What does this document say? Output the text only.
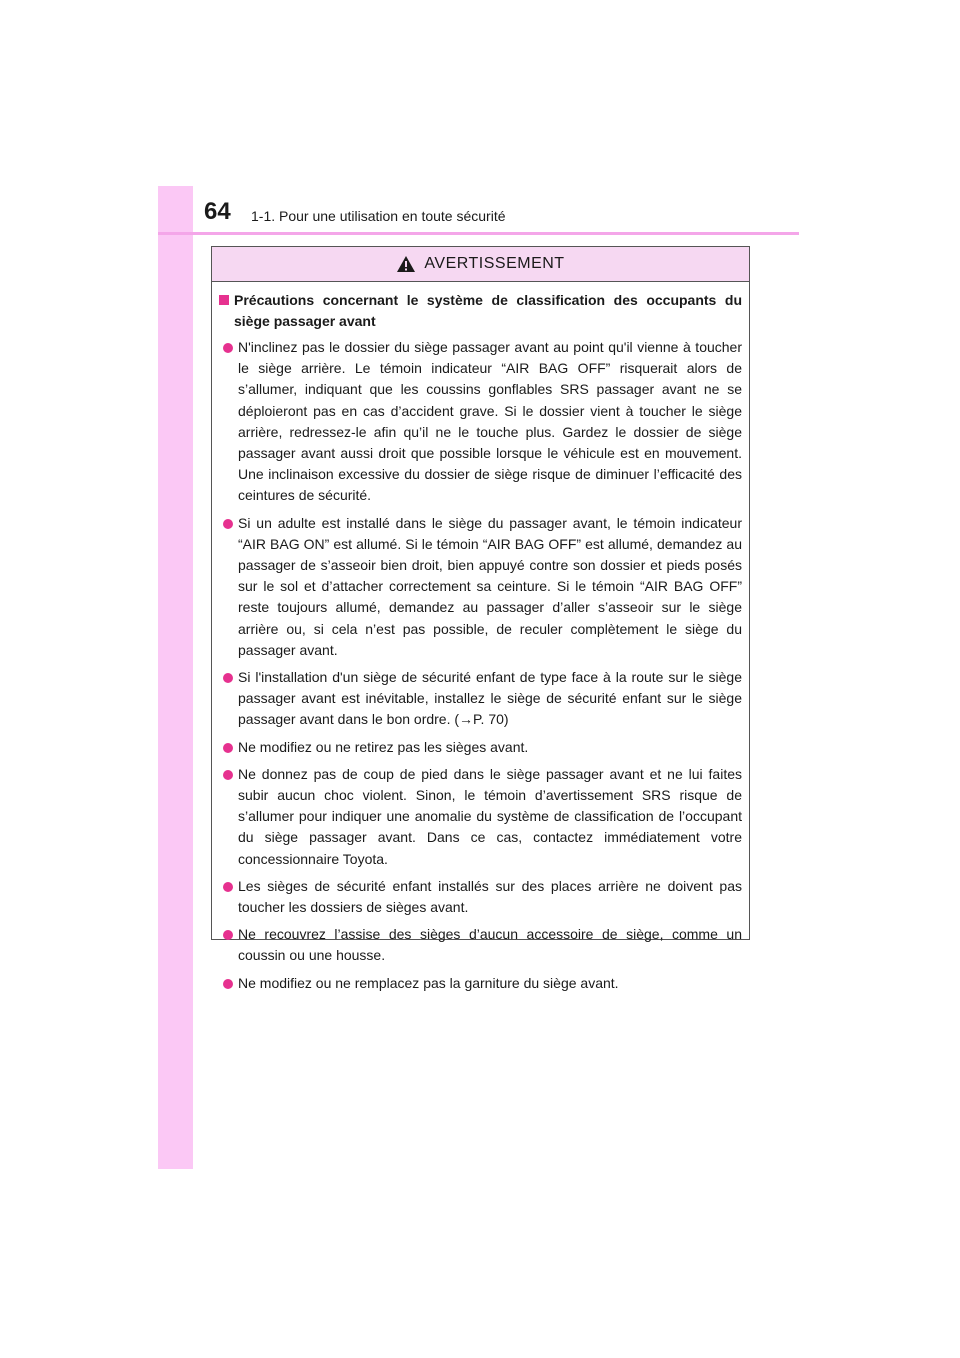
64 1-1. Pour une utilisation en toute sécurité
AVERTISSEMENT
Précautions concernant le système de classification des occupants du siège passager avant
N'inclinez pas le dossier du siège passager avant au point qu'il vienne à toucher le siège arrière. Le témoin indicateur “AIR BAG OFF” risquerait alors de s’allumer, indiquant que les coussins gonflables SRS passager avant ne se déploieront pas en cas d’accident grave. Si le dossier vient à toucher le siège arrière, redressez-le afin qu’il ne le touche plus. Gardez le dossier de siège passager avant aussi droit que possible lorsque le véhicule est en mouvement. Une inclinaison excessive du dossier de siège risque de diminuer l’efficacité des ceintures de sécurité.
Si un adulte est installé dans le siège du passager avant, le témoin indicateur “AIR BAG ON” est allumé. Si le témoin “AIR BAG OFF” est allumé, demandez au passager de s’asseoir bien droit, bien appuyé contre son dossier et pieds posés sur le sol et d’attacher correctement sa ceinture. Si le témoin “AIR BAG OFF” reste toujours allumé, demandez au passager d’aller s’asseoir sur le siège arrière ou, si cela n’est pas possible, de reculer complètement le siège du passager avant.
Si l'installation d'un siège de sécurité enfant de type face à la route sur le siège passager avant est inévitable, installez le siège de sécurité enfant sur le siège passager avant dans le bon ordre. (→P. 70)
Ne modifiez ou ne retirez pas les sièges avant.
Ne donnez pas de coup de pied dans le siège passager avant et ne lui faites subir aucun choc violent. Sinon, le témoin d’avertissement SRS risque de s’allumer pour indiquer une anomalie du système de classification de l’occupant du siège passager avant. Dans ce cas, contactez immédiatement votre concessionnaire Toyota.
Les sièges de sécurité enfant installés sur des places arrière ne doivent pas toucher les dossiers de sièges avant.
Ne recouvrez l’assise des sièges d’aucun accessoire de siège, comme un coussin ou une housse.
Ne modifiez ou ne remplacez pas la garniture du siège avant.
